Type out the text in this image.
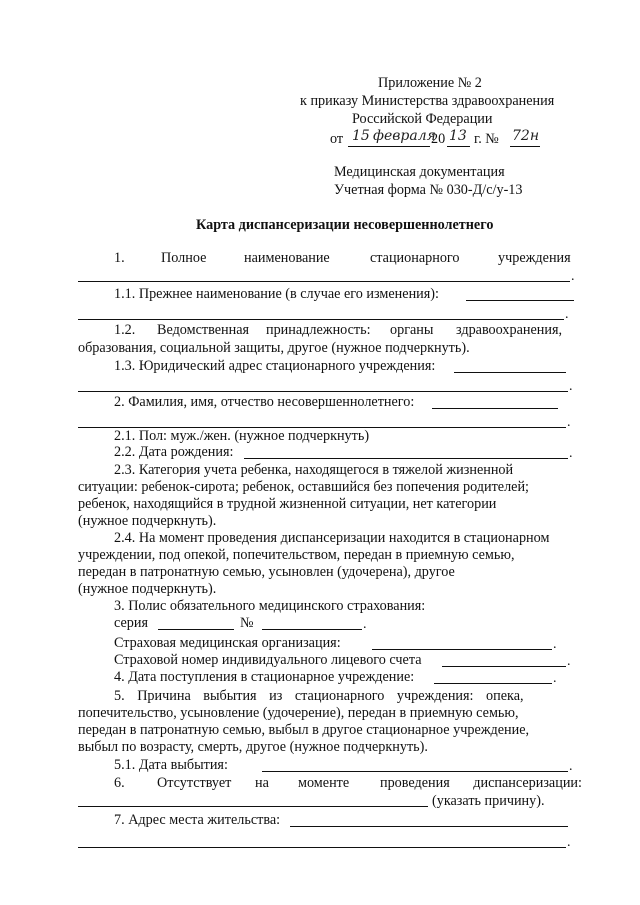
Приложение № 2
к приказу Министерства здравоохранения
Российской Федерации
от 15 февраля
20 13 г. № 72н
Медицинская документация
Учетная форма № 030-Д/с/у-13
Карта диспансеризации несовершеннолетнего
1.	Полное	наименование	стационарного	учреждения
.
1.1. Прежнее наименование (в случае его изменения):
.
1.2. Ведомственная принадлежность: органы здравоохранения,
образования, социальной защиты, другое (нужное подчеркнуть).
1.3. Юридический адрес стационарного учреждения:
.
2. Фамилия, имя, отчество несовершеннолетнего:
.
2.1. Пол: муж./жен. (нужное подчеркнуть)
2.2. Дата рождения:	.
2.3. Категория учета ребенка, находящегося в тяжелой жизненной
ситуации: ребенок-сирота; ребенок, оставшийся без попечения родителей;
ребенок, находящийся в трудной жизненной ситуации, нет категории
(нужное подчеркнуть).
2.4. На момент проведения диспансеризации находится в стационарном
учреждении, под опекой, попечительством, передан в приемную семью,
передан в патронатную семью, усыновлен (удочерена), другое
(нужное подчеркнуть).
3. Полис обязательного медицинского страхования:
серия	№	.
Страховая медицинская организация:	.
Страховой номер индивидуального лицевого счета	.
4. Дата поступления в стационарное учреждение:	.
5. Причина выбытия из стационарного учреждения: опека,
попечительство, усыновление (удочерение), передан в приемную семью,
передан в патронатную семью, выбыл в другое стационарное учреждение,
выбыл по возрасту, смерть, другое (нужное подчеркнуть).
5.1. Дата выбытия:	.
6. Отсутствует на моменте проведения диспансеризации:
(указать причину).
7. Адрес места жительства:
.
